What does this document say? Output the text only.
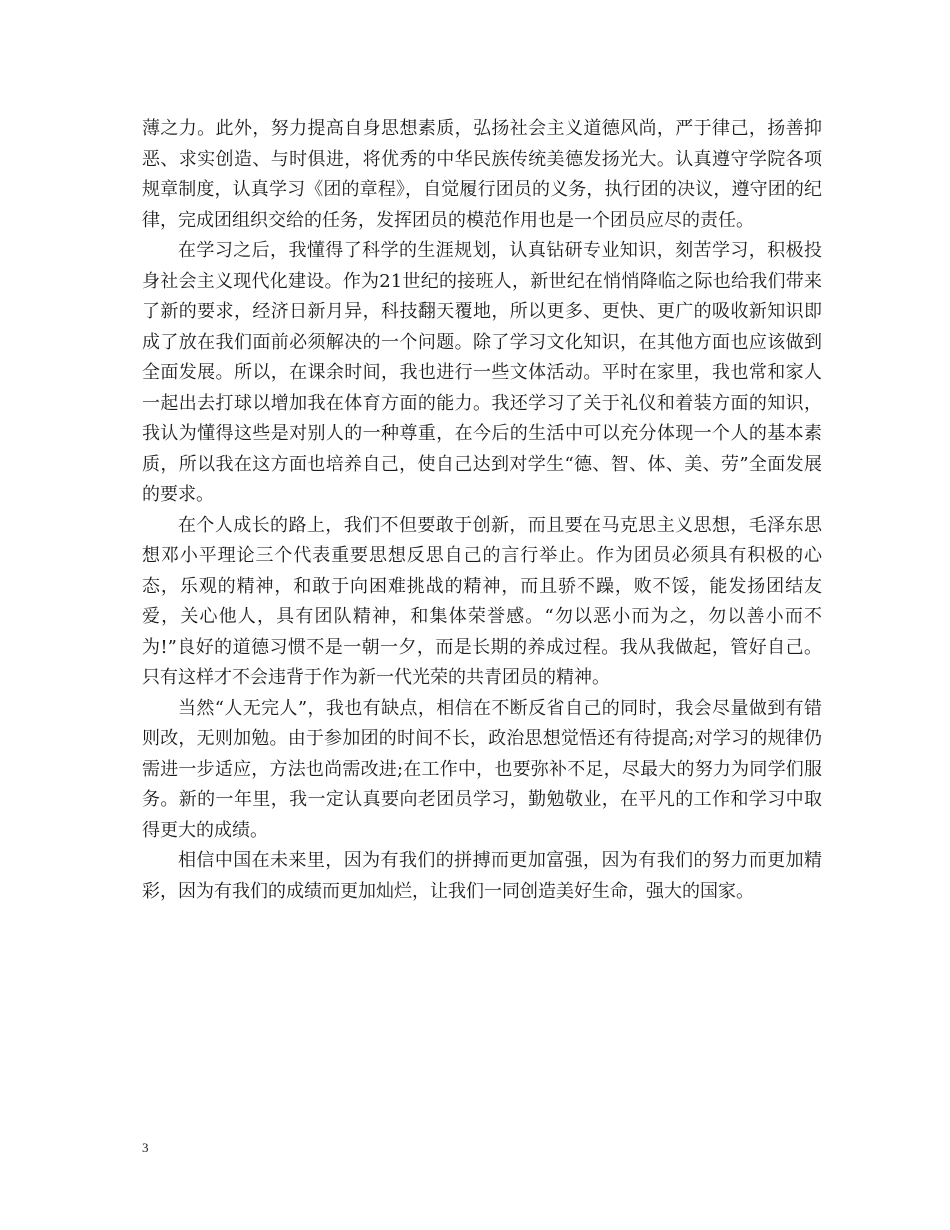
薄之力。此外，努力提高自身思想素质，弘扬社会主义道德风尚，严于律己，扬善抑恶、求实创造、与时俱进，将优秀的中华民族传统美德发扬光大。认真遵守学院各项规章制度，认真学习《团的章程》，自觉履行团员的义务，执行团的决议，遵守团的纪律，完成团组织交给的任务，发挥团员的模范作用也是一个团员应尽的责任。

在学习之后，我懂得了科学的生涯规划，认真钻研专业知识，刻苦学习，积极投身社会主义现代化建设。作为21世纪的接班人，新世纪在悄悄降临之际也给我们带来了新的要求，经济日新月异，科技翻天覆地，所以更多、更快、更广的吸收新知识即成了放在我们面前必须解决的一个问题。除了学习文化知识，在其他方面也应该做到全面发展。所以，在课余时间，我也进行一些文体活动。平时在家里，我也常和家人一起出去打球以增加我在体育方面的能力。我还学习了关于礼仪和着装方面的知识，我认为懂得这些是对别人的一种尊重，在今后的生活中可以充分体现一个人的基本素质，所以我在这方面也培养自己，使自己达到对学生“德、智、体、美、劳”全面发展的要求。

在个人成长的路上，我们不但要敢于创新，而且要在马克思主义思想，毛泽东思想邓小平理论三个代表重要思想反思自己的言行举止。作为团员必须具有积极的心态，乐观的精神，和敢于向困难挑战的精神，而且骄不躁，败不馁，能发扬团结友爱，关心他人，具有团队精神，和集体荣誉感。“勿以恶小而为之，勿以善小而不为!”良好的道德习惯不是一朝一夕，而是长期的养成过程。我从我做起，管好自己。只有这样才不会违背于作为新一代光荣的共青团员的精神。

当然“人无完人”，我也有缺点，相信在不断反省自己的同时，我会尽量做到有错则改，无则加勉。由于参加团的时间不长，政治思想觉悟还有待提高;对学习的规律仍需进一步适应，方法也尚需改进;在工作中，也要弥补不足，尽最大的努力为同学们服务。新的一年里，我一定认真要向老团员学习，勤勉敬业，在平凡的工作和学习中取得更大的成绩。

相信中国在未来里，因为有我们的拼搏而更加富强，因为有我们的努力而更加精彩，因为有我们的成绩而更加灿烂，让我们一同创造美好生命，强大的国家。

3
